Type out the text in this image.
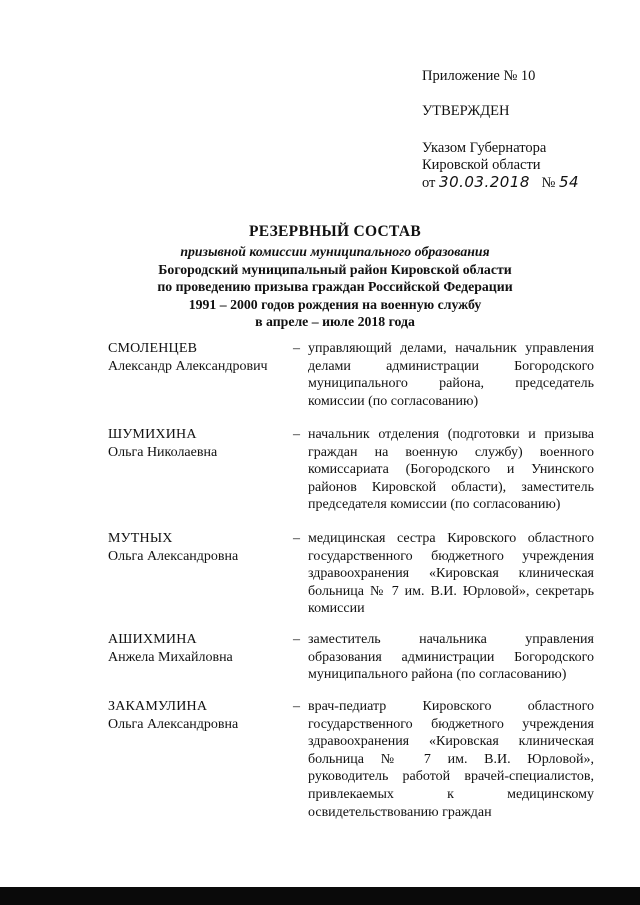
Приложение № 10

УТВЕРЖДЕН

Указом Губернатора

Кировской области

от 30.03.2018 № 54

РЕЗЕРВНЫЙ СОСТАВ

призывной комиссии муниципального образования

Богородский муниципальный район Кировской области

по проведению призыва граждан Российской Федерации

1991 – 2000 годов рождения на военную службу

в апреле – июле 2018 года

СМОЛЕНЦЕВ
Александр Александрович
– управляющий делами, начальник управления делами администрации Богородского муниципального района, председатель комиссии (по согласованию)
ШУМИХИНА
Ольга Николаевна
– начальник отделения (подготовки и призыва граждан на военную службу) военного комиссариата (Богородского и Унинского районов Кировской области), заместитель председателя комиссии (по согласованию)
МУТНЫХ
Ольга Александровна
– медицинская сестра Кировского областного государственного бюджетного учреждения здравоохранения «Кировская клиническая больница № 7 им. В.И. Юрловой», секретарь комиссии
АШИХМИНА
Анжела Михайловна
– заместитель начальника управления образования администрации Богородского муниципального района (по согласованию)
ЗАКАМУЛИНА
Ольга Александровна
– врач-педиатр Кировского областного государственного бюджетного учреждения здравоохранения «Кировская клиническая больница № 7 им. В.И. Юрловой», руководитель работой врачей-специалистов, привлекаемых к медицинскому освидетельствованию граждан
